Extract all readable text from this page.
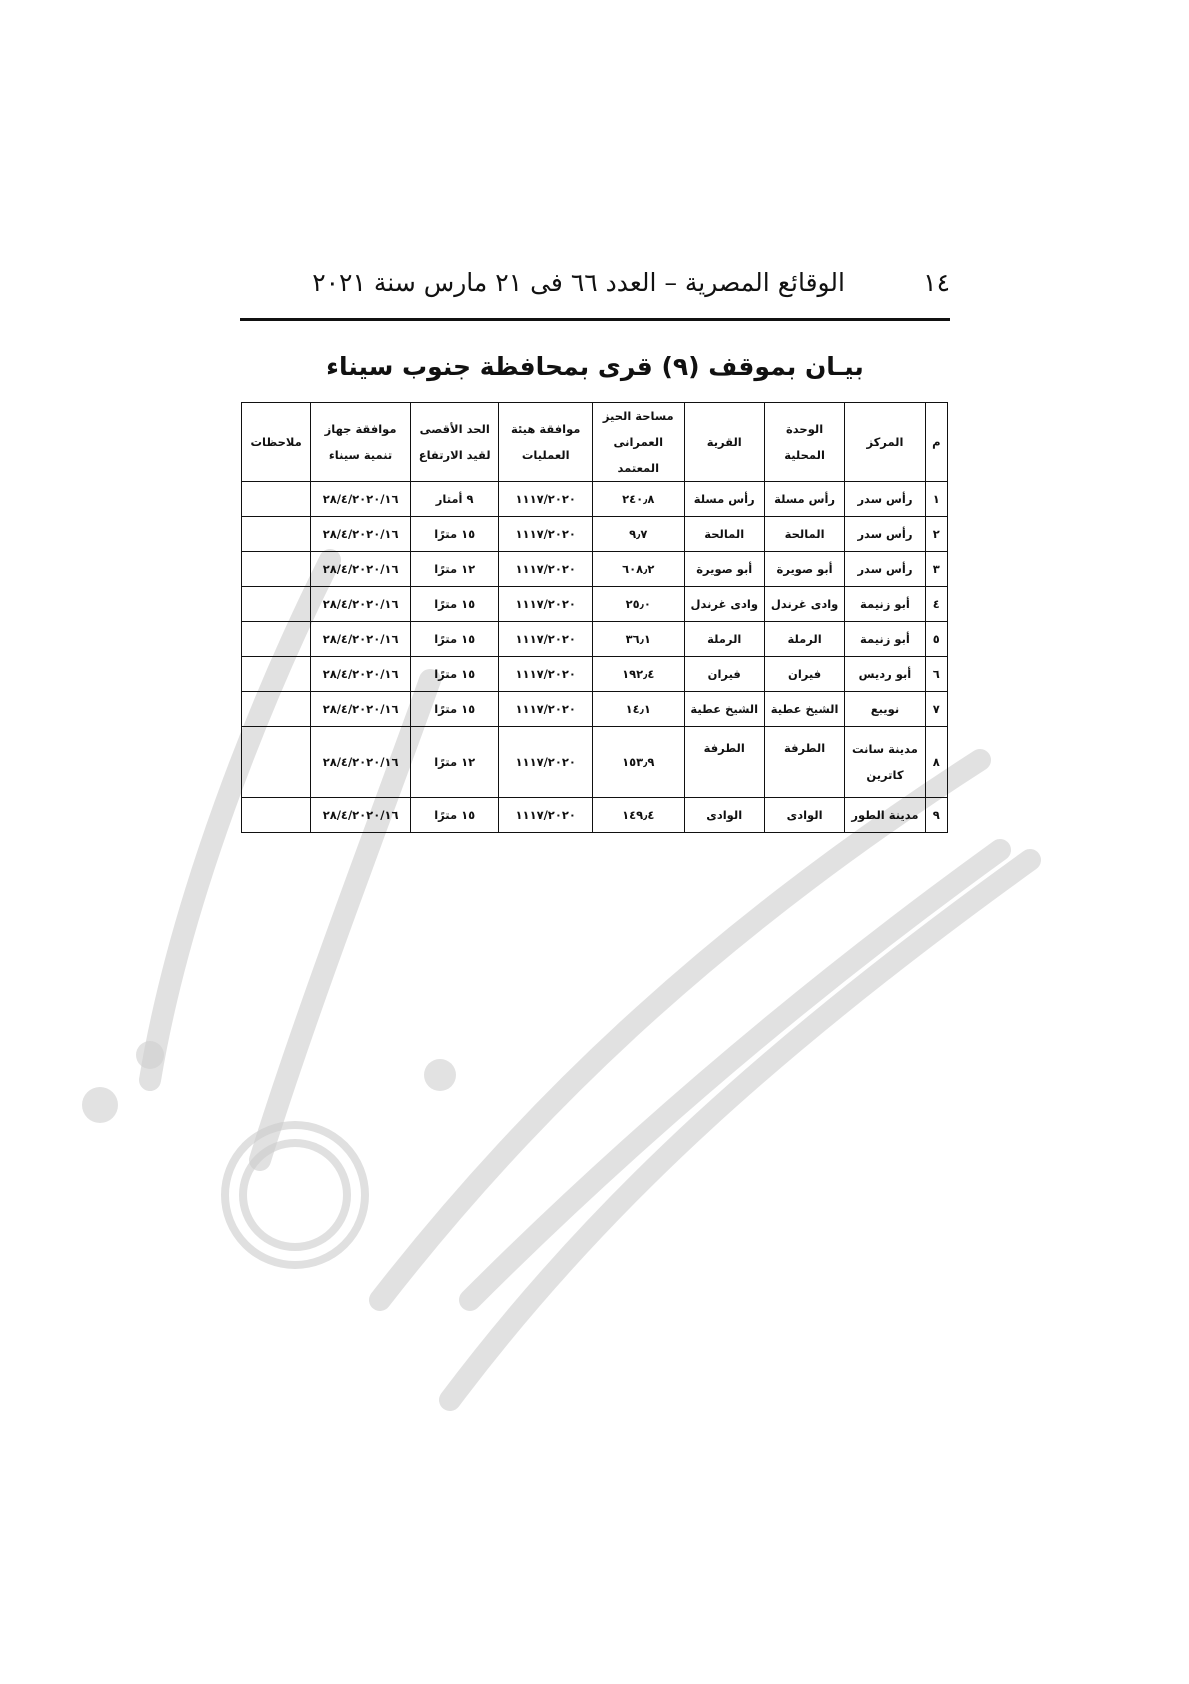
١٤
الوقائع المصرية – العدد ٦٦ فى ٢١ مارس سنة ٢٠٢١
بيـان بموقف (٩) قرى بمحافظة جنوب سيناء
م	المركز	الوحدة المحلية	القرية	مساحة الحيز العمرانى المعتمد	موافقة هيئة العمليات	الحد الأقصى لقيد الارتفاع	موافقة جهاز تنمية سيناء	ملاحظات
١	رأس سدر	رأس مسلة	رأس مسلة	٢٤٠٫٨	١١١٧/٢٠٢٠	٩ أمتار	٢٨/٤/٢٠٢٠/١٦	
٢	رأس سدر	المالحة	المالحة	٩٫٧	١١١٧/٢٠٢٠	١٥ مترًا	٢٨/٤/٢٠٢٠/١٦	
٣	رأس سدر	أبو صويرة	أبو صويرة	٦٠٨٫٢	١١١٧/٢٠٢٠	١٢ مترًا	٢٨/٤/٢٠٢٠/١٦	
٤	أبو زنيمة	وادى غرندل	وادى غرندل	٢٥٫٠	١١١٧/٢٠٢٠	١٥ مترًا	٢٨/٤/٢٠٢٠/١٦	
٥	أبو زنيمة	الرملة	الرملة	٣٦٫١	١١١٧/٢٠٢٠	١٥ مترًا	٢٨/٤/٢٠٢٠/١٦	
٦	أبو رديس	فيران	فيران	١٩٢٫٤	١١١٧/٢٠٢٠	١٥ مترًا	٢٨/٤/٢٠٢٠/١٦	
٧	نويبع	الشيخ عطية	الشيخ عطية	١٤٫١	١١١٧/٢٠٢٠	١٥ مترًا	٢٨/٤/٢٠٢٠/١٦	
٨	مدينة سانت كاترين	الطرفة	الطرفة	١٥٣٫٩	١١١٧/٢٠٢٠	١٢ مترًا	٢٨/٤/٢٠٢٠/١٦	
٩	مدينة الطور	الوادى	الوادى	١٤٩٫٤	١١١٧/٢٠٢٠	١٥ مترًا	٢٨/٤/٢٠٢٠/١٦	
